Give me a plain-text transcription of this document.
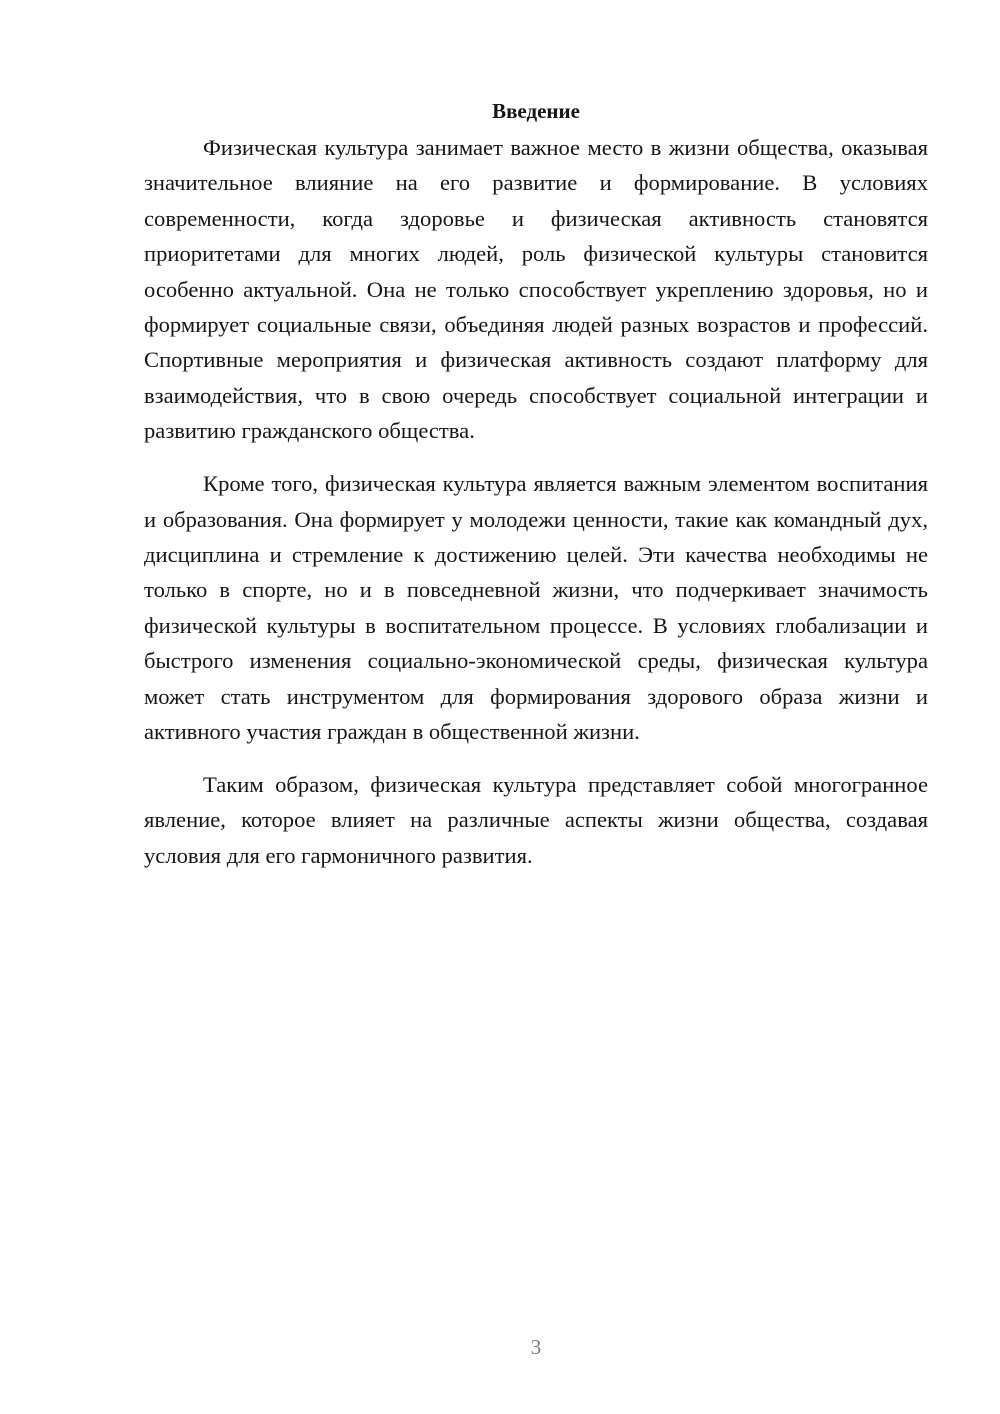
Введение

Физическая культура занимает важное место в жизни общества, оказывая значительное влияние на его развитие и формирование. В условиях современности, когда здоровье и физическая активность становятся приоритетами для многих людей, роль физической культуры становится особенно актуальной. Она не только способствует укреплению здоровья, но и формирует социальные связи, объединяя людей разных возрастов и профессий. Спортивные мероприятия и физическая активность создают платформу для взаимодействия, что в свою очередь способствует социальной интеграции и развитию гражданского общества.

Кроме того, физическая культура является важным элементом воспитания и образования. Она формирует у молодежи ценности, такие как командный дух, дисциплина и стремление к достижению целей. Эти качества необходимы не только в спорте, но и в повседневной жизни, что подчеркивает значимость физической культуры в воспитательном процессе. В условиях глобализации и быстрого изменения социально-экономической среды, физическая культура может стать инструментом для формирования здорового образа жизни и активного участия граждан в общественной жизни.

Таким образом, физическая культура представляет собой многогранное явление, которое влияет на различные аспекты жизни общества, создавая условия для его гармоничного развития.

3
